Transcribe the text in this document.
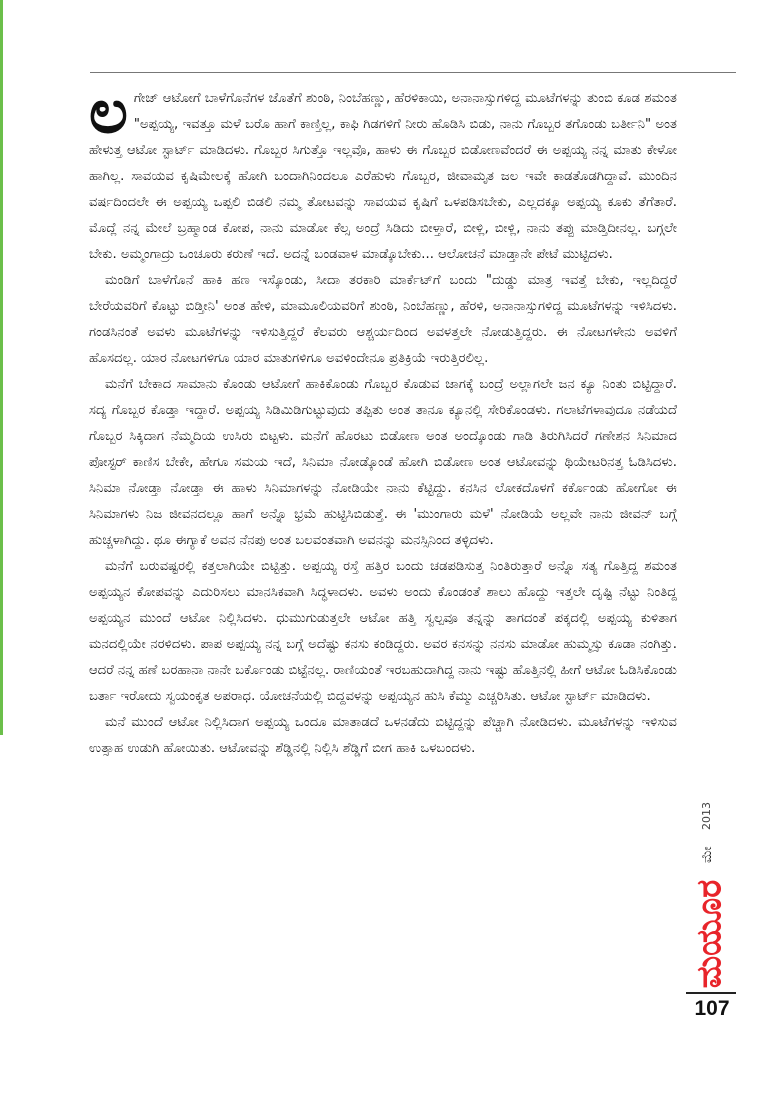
ಲಗೇಜ್ ಆಟೋಗೆ ಬಾಳೆಗೊನೆಗಳ ಜೊತೆಗೆ ಶುಂಠಿ, ನಿಂಬೆಹಣ್ಣು, ಹೆರಳಿಕಾಯಿ, ಅನಾನಾಸ್ಸುಗಳಿದ್ದ ಮೂಟೆಗಳನ್ನು ತುಂಬಿ ಕೂಡ ಶಮಂತ "ಅಪ್ಪಯ್ಯ, ಇವತ್ತೂ ಮಳೆ ಬರೊ ಹಾಗೆ ಕಾಣ್ತಿಲ್ಲ, ಕಾಫಿ ಗಿಡಗಳಿಗೆ ನೀರು ಹೊಡಿಸಿ ಬಿಡು, ನಾನು ಗೊಬ್ಬರ ತಗೊಂಡು ಬರ್ತೀನಿ" ಅಂತ ಹೇಳುತ್ತ ಆಟೋ ಸ್ಟಾರ್ಟ್ ಮಾಡಿದಳು. ಗೊಬ್ಬರ ಸಿಗುತ್ತೊ ಇಲ್ಲವೊ, ಹಾಳು ಈ ಗೊಬ್ಬರ ಬಿಡೋಣವೆಂದರೆ ಈ ಅಪ್ಪಯ್ಯ ನನ್ನ ಮಾತು ಕೇಳೋ ಹಾಗಿಲ್ಲ. ಸಾವಯವ ಕೃಷಿಮೇಲಕ್ಕೆ ಹೋಗಿ ಬಂದಾಗಿನಿಂದಲೂ ಎರೆಹುಳು ಗೊಬ್ಬರ, ಜೀವಾಮೃತ ಜಲ ಇವೇ ಕಾಡತೊಡಗಿದ್ದಾವೆ. ಮುಂದಿನ ವರ್ಷದಿಂದಲೇ ಈ ಅಪ್ಪಯ್ಯ ಒಪ್ಪಲಿ ಬಿಡಲಿ ನಮ್ಮ ತೋಟವನ್ನು ಸಾವಯವ ಕೃಷಿಗೆ ಒಳಪಡಿಸಬೇಕು, ಎಲ್ಲದಕ್ಕೂ ಅಪ್ಪಯ್ಯ ಕೂಕು ತೆಗೆತಾರೆ. ಮೊದ್ಲೆ ನನ್ನ ಮೇಲೆ ಬ್ರಹ್ಮಾಂಡ ಕೋಪ, ನಾನು ಮಾಡೋ ಕೆಲ್ಸ ಅಂದ್ರೆ ಸಿಡಿದು ಬೀಳ್ತಾರೆ, ಬೀಳ್ಲಿ, ಬೀಳ್ಲಿ, ನಾನು ತಪ್ಪು ಮಾಡ್ತಿದೀನಲ್ಲ. ಬಗ್ಗಲೇ ಬೇಕು. ಅಮ್ಮಂಗಾದ್ರು ಒಂಚೂರು ಕರುಣೆ ಇದೆ. ಅದನ್ನೆ ಬಂಡವಾಳ ಮಾಡ್ಕೊಬೇಕು... ಆಲೋಚನೆ ಮಾಡ್ತಾನೇ ಪೇಟೆ ಮುಟ್ಟಿದಳು.

ಮಂಡಿಗೆ ಬಾಳೆಗೊನೆ ಹಾಕಿ ಹಣ ಇಸ್ಕೊಂಡು, ಸೀದಾ ತರಕಾರಿ ಮಾರ್ಕೆಟ್‌ಗೆ ಬಂದು "ದುಡ್ಡು ಮಾತ್ರ ಇವತ್ತೆ ಬೇಕು, ಇಲ್ಲದಿದ್ದರೆ ಬೇರೆಯವರಿಗೆ ಕೊಟ್ಟು ಬಿಡ್ತೀನಿ' ಅಂತ ಹೇಳಿ, ಮಾಮೂಲಿಯವರಿಗೆ ಶುಂಠಿ, ನಿಂಬೆಹಣ್ಣು, ಹೆರಳಿ, ಅನಾನಾಸ್ಸುಗಳಿದ್ದ ಮೂಟೆಗಳನ್ನು ಇಳಿಸಿದಳು. ಗಂಡಸಿನಂತೆ ಅವಳು ಮೂಟೆಗಳನ್ನು ಇಳಿಸುತ್ತಿದ್ದರೆ ಕೆಲವರು ಆಶ್ಚರ್ಯದಿಂದ ಅವಳತ್ತಲೇ ನೋಡುತ್ತಿದ್ದರು. ಈ ನೋಟಗಳೇನು ಅವಳಿಗೆ ಹೊಸದಲ್ಲ. ಯಾರ ನೋಟಗಳಿಗೂ ಯಾರ ಮಾತುಗಳಿಗೂ ಅವಳಿಂದೇನೂ ಪ್ರತಿಕ್ರಿಯೆ ಇರುತ್ತಿರಲಿಲ್ಲ.

ಮನೆಗೆ ಬೇಕಾದ ಸಾಮಾನು ಕೊಂಡು ಆಟೋಗೆ ಹಾಕಿಕೊಂಡು ಗೊಬ್ಬರ ಕೊಡುವ ಜಾಗಕ್ಕೆ ಬಂದ್ರೆ ಅಲ್ಲಾಗಲೇ ಜನ ಕ್ಯೂ ನಿಂತು ಬಿಟ್ಟಿದ್ದಾರೆ. ಸದ್ಯ ಗೊಬ್ಬರ ಕೊಡ್ತಾ ಇದ್ದಾರೆ. ಅಪ್ಪಯ್ಯ ಸಿಡಿಮಿಡಿಗುಟ್ಟುವುದು ತಪ್ಪಿತು ಅಂತ ತಾನೂ ಕ್ಯೂನಲ್ಲಿ ಸೇರಿಕೊಂಡಳು. ಗಲಾಟೆಗಳಾವುದೂ ನಡೆಯದೆ ಗೊಬ್ಬರ ಸಿಕ್ಕಿದಾಗ ನೆಮ್ಮದಿಯ ಉಸಿರು ಬಿಟ್ಟಳು. ಮನೆಗೆ ಹೊರಟು ಬಿಡೋಣ ಅಂತ ಅಂದ್ಕೊಂಡು ಗಾಡಿ ತಿರುಗಿಸಿದರೆ ಗಣೇಶನ ಸಿನಿಮಾದ ಪೋಸ್ಟರ್ ಕಾಣಿಸ ಬೇಕೇ, ಹೇಗೂ ಸಮಯ ಇದೆ, ಸಿನಿಮಾ ನೋಡ್ಕೊಂಡೆ ಹೋಗಿ ಬಿಡೋಣ ಅಂತ ಆಟೋವನ್ನು ಥಿಯೇಟರಿನತ್ತ ಓಡಿಸಿದಳು. ಸಿನಿಮಾ ನೋಡ್ತಾ ನೋಡ್ತಾ ಈ ಹಾಳು ಸಿನಿಮಾಗಳನ್ನು ನೋಡಿಯೇ ನಾನು ಕೆಟ್ಟಿದ್ದು. ಕನಸಿನ ಲೋಕದೊಳಗೆ ಕರ್ಕೊಂಡು ಹೋಗೋ ಈ ಸಿನಿಮಾಗಳು ನಿಜ ಜೀವನದಲ್ಲೂ ಹಾಗೆ ಅನ್ನೊ ಭ್ರಮೆ ಹುಟ್ಟಿಸಿಬಿಡುತ್ತೆ. ಈ 'ಮುಂಗಾರು ಮಳೆ' ನೋಡಿಯೆ ಅಲ್ಲವೇ ನಾನು ಜೀವನ್ ಬಗ್ಗೆ ಹುಚ್ಚಳಾಗಿದ್ದು. ಥೂ ಈಗ್ಯಾಕೆ ಅವನ ನೆನಪು ಅಂತ ಬಲವಂತವಾಗಿ ಅವನನ್ನು ಮನಸ್ಸಿನಿಂದ ತಳ್ಳಿದಳು.

ಮನೆಗೆ ಬರುವಷ್ಟರಲ್ಲಿ ಕತ್ತಲಾಗಿಯೇ ಬಿಟ್ಟಿತ್ತು. ಅಪ್ಪಯ್ಯ ರಸ್ತೆ ಹತ್ತಿರ ಬಂದು ಚಡಪಡಿಸುತ್ತ ನಿಂತಿರುತ್ತಾರೆ ಅನ್ನೊ ಸತ್ಯ ಗೊತ್ತಿದ್ದ ಶಮಂತ ಅಪ್ಪಯ್ಯನ ಕೋಪವನ್ನು ಎದುರಿಸಲು ಮಾನಸಿಕವಾಗಿ ಸಿದ್ಧಳಾದಳು. ಅವಳು ಅಂದು ಕೊಂಡಂತೆ ಶಾಲು ಹೊದ್ದು ಇತ್ತಲೇ ದೃಷ್ಟಿ ನೆಟ್ಟು ನಿಂತಿದ್ದ ಅಪ್ಪಯ್ಯನ ಮುಂದೆ ಆಟೋ ನಿಲ್ಲಿಸಿದಳು. ಧುಮುಗುಡುತ್ತಲೇ ಆಟೋ ಹತ್ತಿ ಸ್ವಲ್ಪವೂ ತನ್ನನ್ನು ತಾಗದಂತೆ ಪಕ್ಕದಲ್ಲಿ ಅಪ್ಪಯ್ಯ ಕುಳಿತಾಗ ಮನದಲ್ಲಿಯೇ ನರಳಿದಳು. ಪಾಪ ಅಪ್ಪಯ್ಯ ನನ್ನ ಬಗ್ಗೆ ಅದೆಷ್ಟು ಕನಸು ಕಂಡಿದ್ದರು. ಅವರ ಕನಸನ್ನು ನನಸು ಮಾಡೋ ಹುಮ್ಮಸ್ಸು ಕೂಡಾ ನಂಗಿತ್ತು. ಆದರೆ ನನ್ನ ಹಣೆ ಬರಹಾನಾ ನಾನೇ ಬರ್ಕೊಂಡು ಬಿಟ್ಟೆನಲ್ಲ. ರಾಣಿಯಂತೆ ಇರಬಹುದಾಗಿದ್ದ ನಾನು ಇಷ್ಟು ಹೊತ್ತಿನಲ್ಲಿ ಹೀಗೆ ಆಟೋ ಓಡಿಸಿಕೊಂಡು ಬರ್ತಾ ಇರೋದು ಸ್ವಯಂಕೃತ ಅಪರಾಧ. ಯೋಚನೆಯಲ್ಲಿ ಬಿದ್ದವಳನ್ನು ಅಪ್ಪಯ್ಯನ ಹುಸಿ ಕೆಮ್ಮು ಎಚ್ಚರಿಸಿತು. ಆಟೋ ಸ್ಟಾರ್ಟ್ ಮಾಡಿದಳು.

ಮನೆ ಮುಂದೆ ಆಟೋ ನಿಲ್ಲಿಸಿದಾಗ ಅಪ್ಪಯ್ಯ ಒಂದೂ ಮಾತಾಡದೆ ಒಳನಡೆದು ಬಿಟ್ಟಿದ್ದನ್ನು ಪೆಚ್ಚಾಗಿ ನೋಡಿದಳು. ಮೂಟೆಗಳನ್ನು ಇಳಿಸುವ ಉತ್ಸಾಹ ಉಡುಗಿ ಹೋಯಿತು. ಆಟೋವನ್ನು ಶೆಡ್ಡಿನಲ್ಲಿ ನಿಲ್ಲಿಸಿ ಶೆಡ್ಡಿಗೆ ಬೀಗ ಹಾಕಿ ಒಳಬಂದಳು.

2013
ಮೇ
ಮಯೂರ
107
